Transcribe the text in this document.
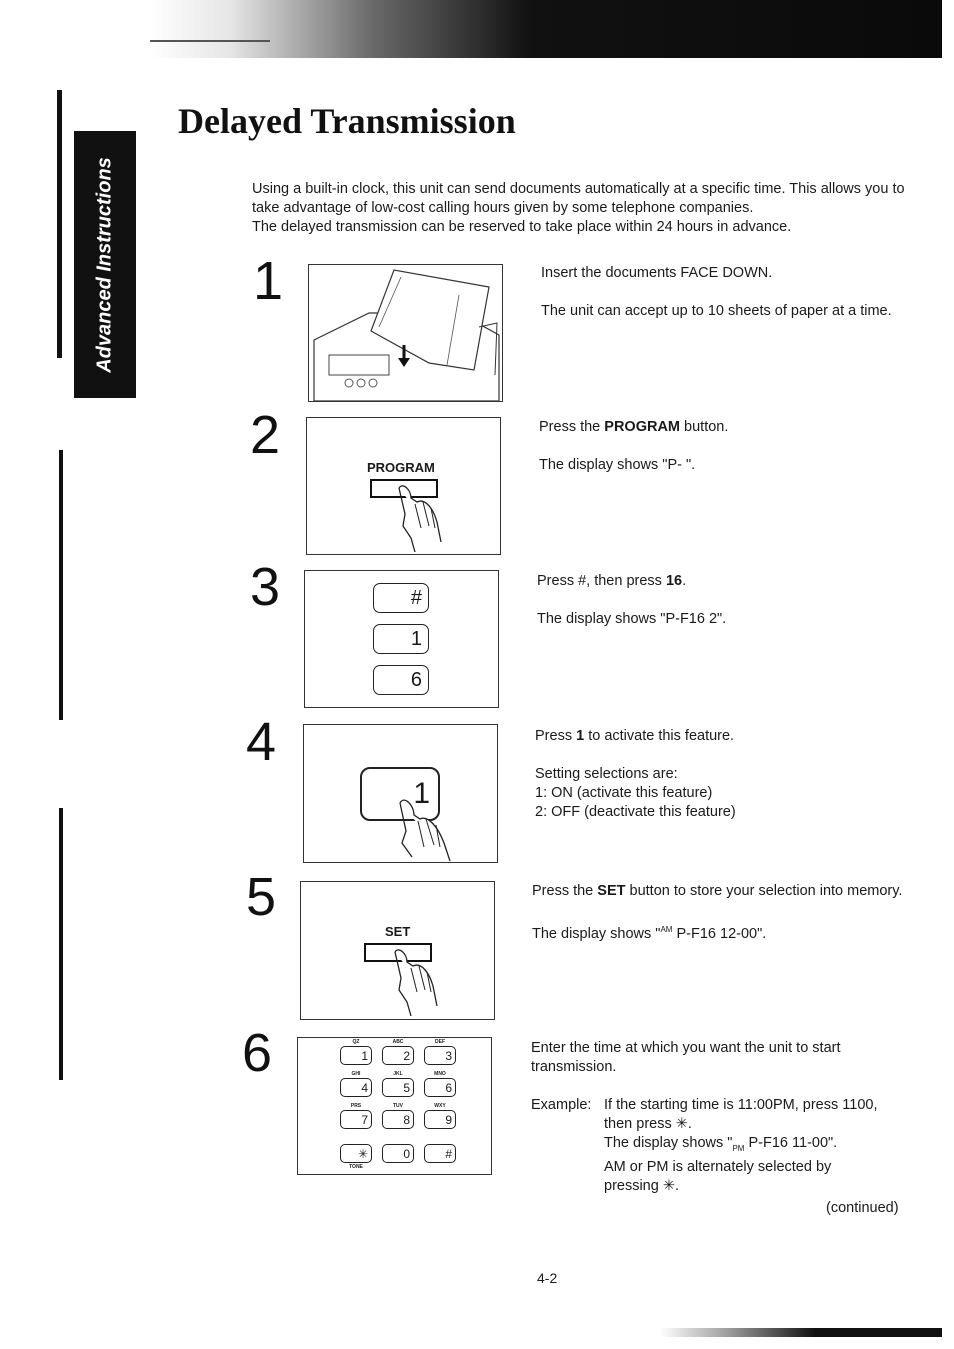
Advanced Instructions
Delayed Transmission

Using a built-in clock, this unit can send documents automatically at a specific time. This allows you to take advantage of low-cost calling hours given by some telephone companies.

The delayed transmission can be reserved to take place within 24 hours in advance.

1	Insert the documents FACE DOWN.

The unit can accept up to 10 sheets of paper at a time.

2
PROGRAM

Press the PROGRAM button.

The display shows "P- ".

3	#
1
6

Press #, then press 16.

The display shows "P-F16 2".

4
1

Press 1 to activate this feature.

Setting selections are:

1: ON (activate this feature)

2: OFF (deactivate this feature)

5
SET

Press the SET button to store your selection into memory.

The display shows "$^{AM}$ P-F16 12-00".

6	QZ
1
ABC
2
DEF
3
GHI
4
JKL
5
MNO
6
PRS
7
TUV
8
WXY
9
✳
TONE
0	#

Enter the time at which you want the unit to start transmission.

Example: If the starting time is 11:00PM, press 1100,

then press ✳.

The display shows "$_{PM}$ P-F16 11-00".

AM or PM is alternately selected by

pressing ✳.

(continued)
4-2
